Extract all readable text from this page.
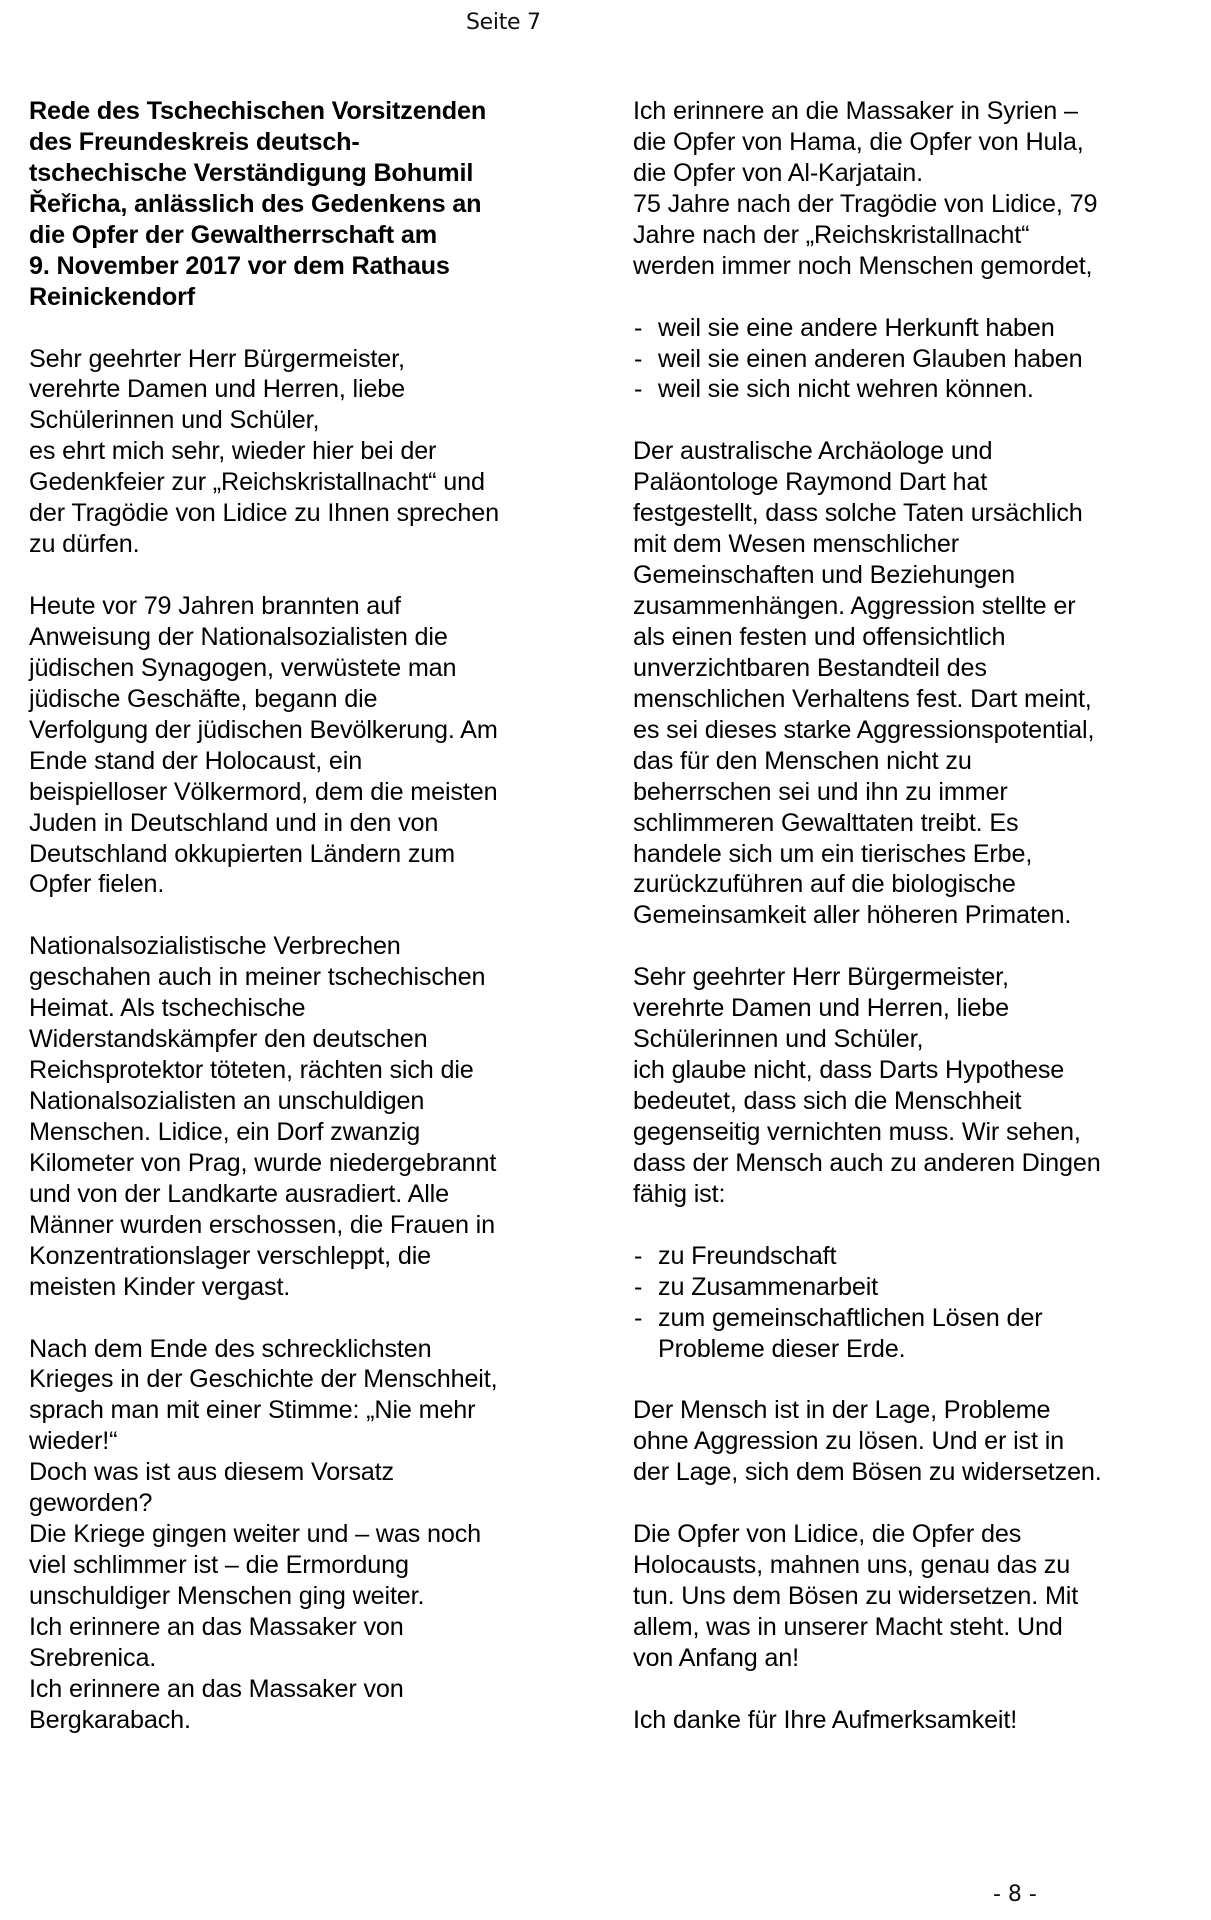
Seite 7
Rede des Tschechischen Vorsitzenden
des Freundeskreis deutsch-
tschechische Verständigung Bohumil
Řeřicha, anlässlich des Gedenkens an
die Opfer der Gewaltherrschaft am
9. November 2017 vor dem Rathaus
Reinickendorf
Sehr geehrter Herr Bürgermeister,
verehrte Damen und Herren, liebe
Schülerinnen und Schüler,
es ehrt mich sehr, wieder hier bei der
Gedenkfeier zur „Reichskristallnacht“ und
der Tragödie von Lidice zu Ihnen sprechen
zu dürfen.
Heute vor 79 Jahren brannten auf
Anweisung der Nationalsozialisten die
jüdischen Synagogen, verwüstete man
jüdische Geschäfte, begann die
Verfolgung der jüdischen Bevölkerung. Am
Ende stand der Holocaust, ein
beispielloser Völkermord, dem die meisten
Juden in Deutschland und in den von
Deutschland okkupierten Ländern zum
Opfer fielen.
Nationalsozialistische Verbrechen
geschahen auch in meiner tschechischen
Heimat. Als tschechische
Widerstandskämpfer den deutschen
Reichsprotektor töteten, rächten sich die
Nationalsozialisten an unschuldigen
Menschen. Lidice, ein Dorf zwanzig
Kilometer von Prag, wurde niedergebrannt
und von der Landkarte ausradiert. Alle
Männer wurden erschossen, die Frauen in
Konzentrationslager verschleppt, die
meisten Kinder vergast.
Nach dem Ende des schrecklichsten
Krieges in der Geschichte der Menschheit,
sprach man mit einer Stimme: „Nie mehr
wieder!“
Doch was ist aus diesem Vorsatz
geworden?
Die Kriege gingen weiter und – was noch
viel schlimmer ist – die Ermordung
unschuldiger Menschen ging weiter.
Ich erinnere an das Massaker von
Srebrenica.
Ich erinnere an das Massaker von
Bergkarabach.
Ich erinnere an die Massaker in Syrien –
die Opfer von Hama, die Opfer von Hula,
die Opfer von Al-Karjatain.
75 Jahre nach der Tragödie von Lidice, 79
Jahre nach der „Reichskristallnacht“
werden immer noch Menschen gemordet,
- weil sie eine andere Herkunft haben
- weil sie einen anderen Glauben haben
- weil sie sich nicht wehren können.
Der australische Archäologe und
Paläontologe Raymond Dart hat
festgestellt, dass solche Taten ursächlich
mit dem Wesen menschlicher
Gemeinschaften und Beziehungen
zusammenhängen. Aggression stellte er
als einen festen und offensichtlich
unverzichtbaren Bestandteil des
menschlichen Verhaltens fest. Dart meint,
es sei dieses starke Aggressionspotential,
das für den Menschen nicht zu
beherrschen sei und ihn zu immer
schlimmeren Gewalttaten treibt. Es
handele sich um ein tierisches Erbe,
zurückzuführen auf die biologische
Gemeinsamkeit aller höheren Primaten.
Sehr geehrter Herr Bürgermeister,
verehrte Damen und Herren, liebe
Schülerinnen und Schüler,
ich glaube nicht, dass Darts Hypothese
bedeutet, dass sich die Menschheit
gegenseitig vernichten muss. Wir sehen,
dass der Mensch auch zu anderen Dingen
fähig ist:
- zu Freundschaft
- zu Zusammenarbeit
- zum gemeinschaftlichen Lösen der
Probleme dieser Erde.
Der Mensch ist in der Lage, Probleme
ohne Aggression zu lösen. Und er ist in
der Lage, sich dem Bösen zu widersetzen.
Die Opfer von Lidice, die Opfer des
Holocausts, mahnen uns, genau das zu
tun. Uns dem Bösen zu widersetzen. Mit
allem, was in unserer Macht steht. Und
von Anfang an!
Ich danke für Ihre Aufmerksamkeit!
- 8 -
